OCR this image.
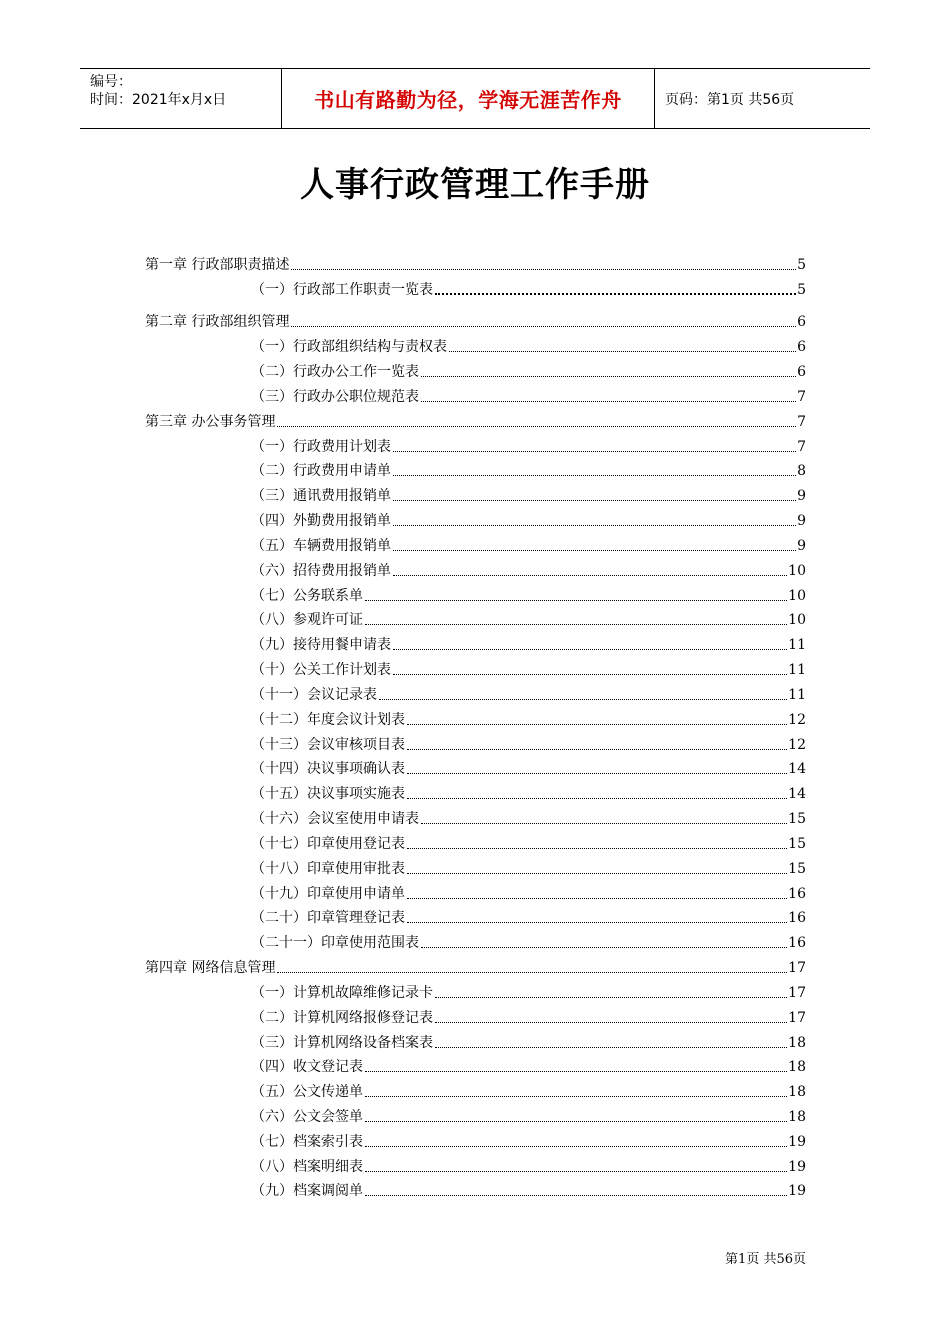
编号：
时间：2021年x月x日	书山有路勤为径，学海无涯苦作舟	页码：第1页 共56页
人事行政管理工作手册
第一章 行政部职责描述	5
（一）行政部工作职责一览表	5
第二章 行政部组织管理	6
（一）行政部组织结构与责权表	6
（二）行政办公工作一览表	6
（三）行政办公职位规范表	7
第三章 办公事务管理	7
（一）行政费用计划表	7
（二）行政费用申请单	8
（三）通讯费用报销单	9
（四）外勤费用报销单	9
（五）车辆费用报销单	9
（六）招待费用报销单	10
（七）公务联系单	10
（八）参观许可证	10
（九）接待用餐申请表	11
（十）公关工作计划表	11
（十一）会议记录表	11
（十二）年度会议计划表	12
（十三）会议审核项目表	12
（十四）决议事项确认表	14
（十五）决议事项实施表	14
（十六）会议室使用申请表	15
（十七）印章使用登记表	15
（十八）印章使用审批表	15
（十九）印章使用申请单	16
（二十）印章管理登记表	16
（二十一）印章使用范围表	16
第四章 网络信息管理	17
（一）计算机故障维修记录卡	17
（二）计算机网络报修登记表	17
（三）计算机网络设备档案表	18
（四）收文登记表	18
（五）公文传递单	18
（六）公文会签单	18
（七）档案索引表	19
（八）档案明细表	19
（九）档案调阅单	19
第1页 共56页
